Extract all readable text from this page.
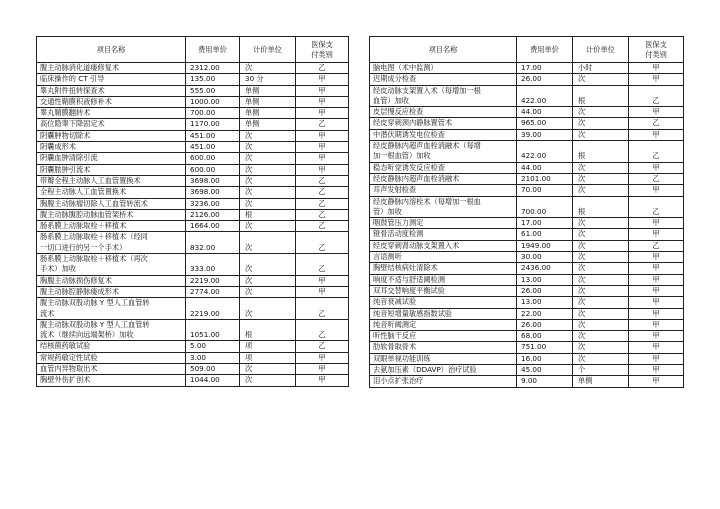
项目名称	费用单价	计价单位	医保支
付类别
腹主动脉消化道瘘修复术	2312.00	次	乙
临床操作的 CT 引导	135.00	30 分	甲
睾丸附件扭转探查术	555.00	单侧	甲
交通性鞘膜积液修补术	1000.00	单侧	甲
睾丸鞘膜翻转术	700.00	单侧	甲
高位隐睾下降固定术	1170.00	单侧	乙
阴囊肿物切除术	451.00	次	甲
阴囊成形术	451.00	次	甲
阴囊血肿清除引流	600.00	次	甲
阴囊脓肿引流术	600.00	次	甲
带瓣全程主动脉人工血管置换术	3698.00	次	乙
全程主动脉人工血管置换术	3698.00	次	乙
胸腹主动脉瘤切除人工血管转流术	3236.00	次	乙
腹主动脉腹腔动脉血管架桥术	2126.00	根	乙
肠系膜上动脉取栓＋移植术	1664.00	次	乙
肠系膜上动脉取栓＋移植术（经同
一切口进行的另一个手术）	832.00	次	乙
肠系膜上动脉取栓＋移植术（再次
手术）加收	333.00	次	乙
胸腹主动脉损伤修复术	2219.00	次	甲
腹主动脉腔静脉瘘成形术	2774.00	次	甲
腹主动脉双股动脉 Y 型人工血管转
流术	2219.00	次	乙
腹主动脉双股动脉 Y 型人工血管转
流术（继续向远端架桥）加收	1051.00	根	乙
结核菌药敏试验	5.00	项	乙
常规药敏定性试验	3.00	项	甲
血管内异物取出术	509.00	次	甲
胸壁外伤扩创术	1044.00	次	甲
项目名称	费用单价	计价单位	医保支
付类别
脑电图（术中监测）	17.00	小时	甲
迟期成分检查	26.00	次	甲
经皮动脉支架置入术（每增加一根
血管）加收	422.00	根	乙
皮层慢反应检查	44.00	次	甲
经皮穿刺颈内静脉置管术	965.00	次	乙
中潜伏期诱发电位检查	39.00	次	甲
经皮静脉内超声血栓消融术（每增
加一根血管）加收	422.00	根	乙
稳态听觉诱发反应检查	44.00	次	甲
经皮静脉内超声血栓消融术	2101.00	次	乙
耳声发射检查	70.00	次	甲
经皮静脉内溶栓术（每增加一根血
管）加收	700.00	根	乙
咽鼓管压力测定	17.00	次	甲
镫骨活动度检测	61.00	次	甲
经皮穿刺肾动脉支架置入术	1949.00	次	乙
言语测听	30.00	次	甲
胸壁结核病灶清除术	2436.00	次	甲
响度不适与舒适阈检测	13.00	次	甲
双耳交替响度平衡试验	26.00	次	甲
纯音衰减试验	13.00	次	甲
纯音短增量敏感指数试验	22.00	次	甲
纯音听阈测定	26.00	次	甲
听性脑干反应	68.00	次	甲
肋软骨取骨术	751.00	次	甲
双眼单视功能训练	16.00	次	甲
去氨加压素（DDAVP）治疗试验	45.00	个	甲
泪小点扩张治疗	9.00	单侧	甲
